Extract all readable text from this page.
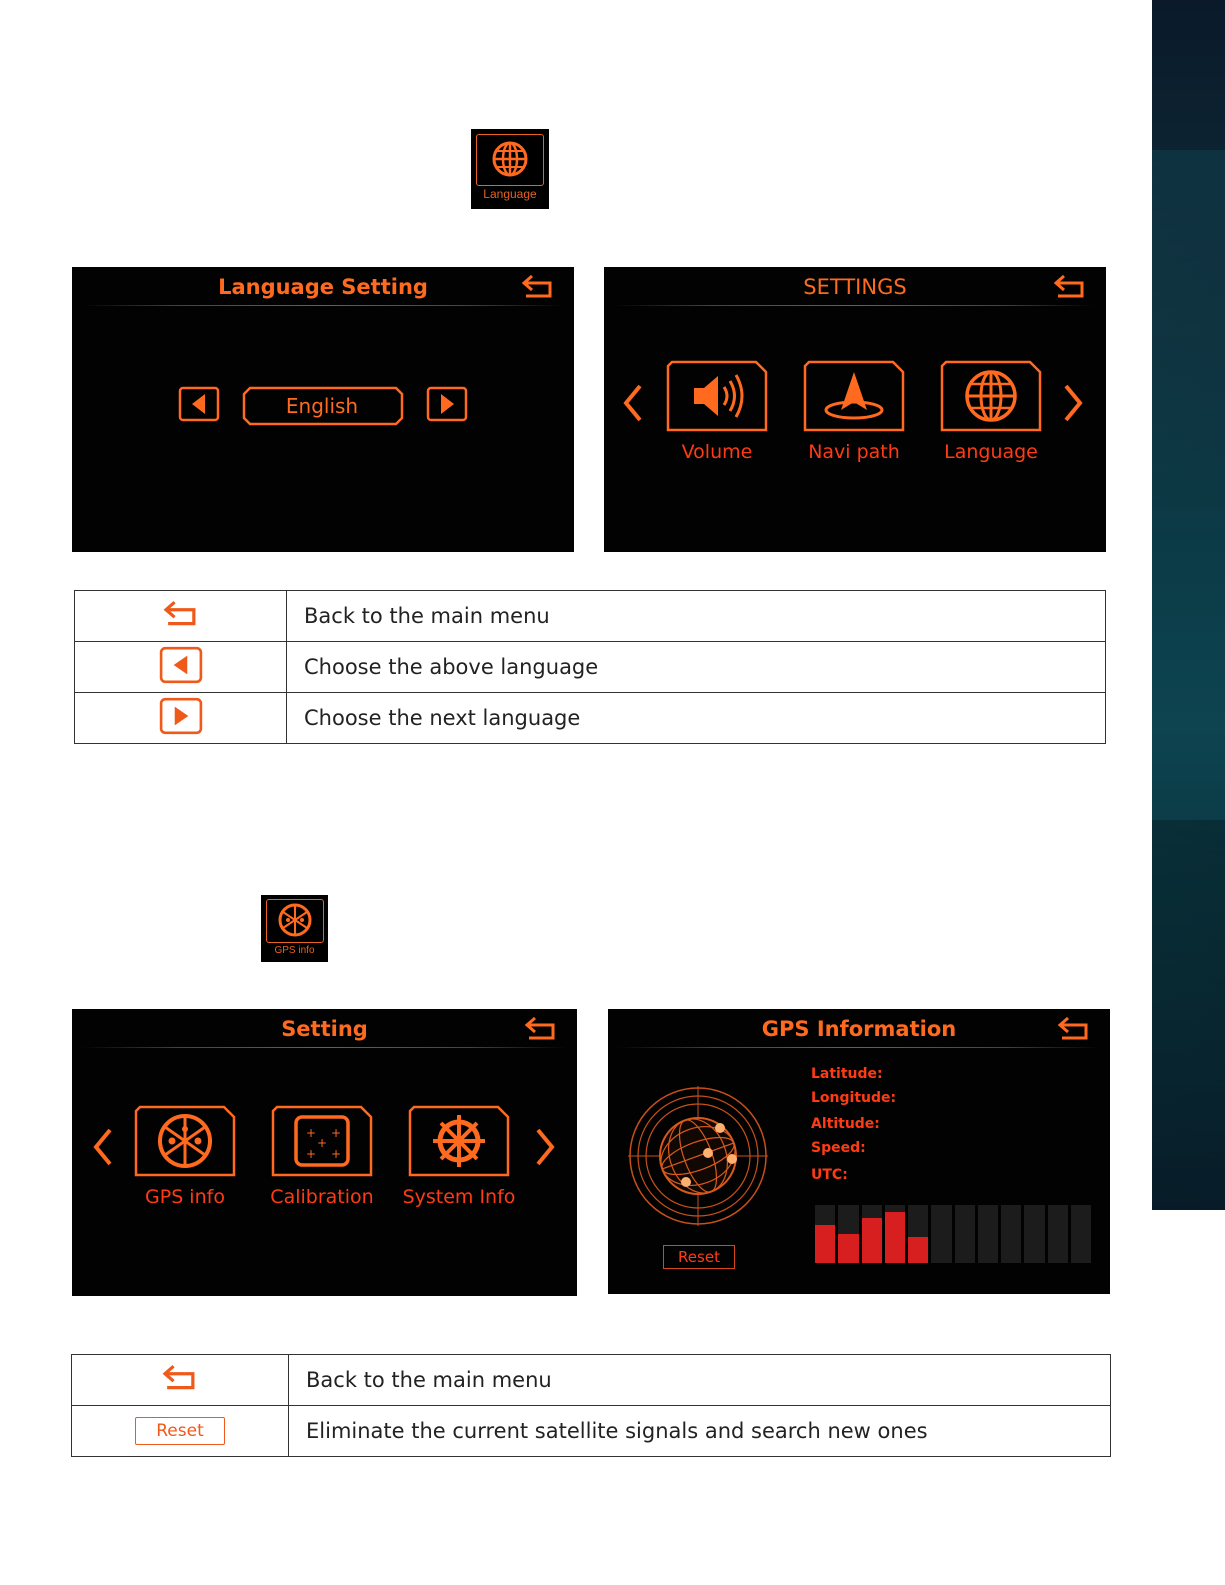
Language
Language Setting
English
SETTINGS
Volume	Navi path	Language
	Back to the main menu
	Choose the above language
	Choose the next language
GPS info
Setting
GPS info
+ +
+
+ +
Calibration	System Info
GPS Information
Reset
Latitude:
Longitude:
Altitude:
Speed:
UTC:
	Back to the main menu
Reset	Eliminate the current satellite signals and search new ones
